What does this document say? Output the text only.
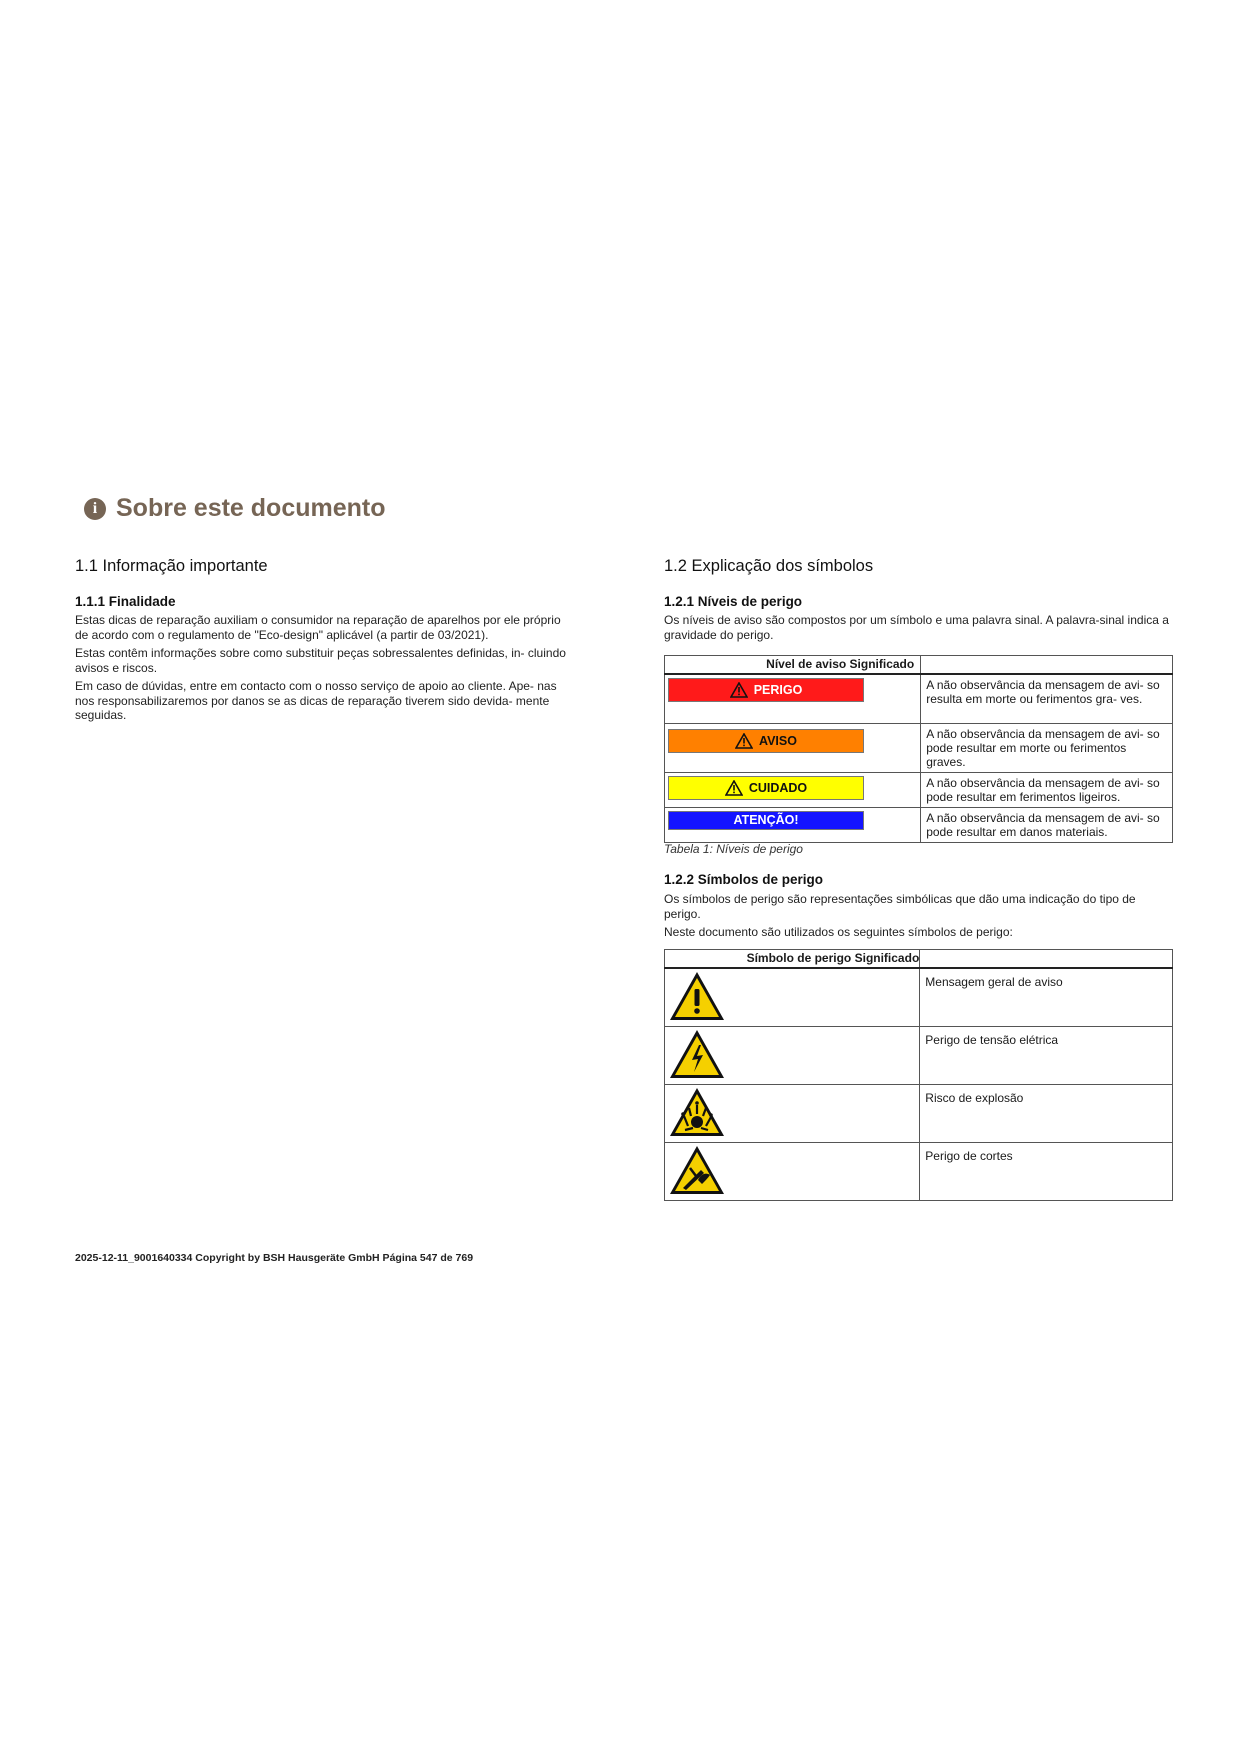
i Sobre este documento
1.1 Informação importante
1.1.1 Finalidade

Estas dicas de reparação auxiliam o consumidor na reparação de aparelhos por ele próprio de acordo com o regulamento de "Eco-design" aplicável (a partir de 03/2021).

Estas contêm informações sobre como substituir peças sobressalentes definidas, in- cluindo avisos e riscos.

Em caso de dúvidas, entre em contacto com o nosso serviço de apoio ao cliente. Ape- nas nos responsabilizaremos por danos se as dicas de reparação tiverem sido devida- mente seguidas.

1.2 Explicação dos símbolos
1.2.1 Níveis de perigo

Os níveis de aviso são compostos por um símbolo e uma palavra sinal. A palavra-sinal indica a gravidade do perigo.

Nível de aviso Significado	

PERIGO	A não observância da mensagem de avi- so resulta em morte ou ferimentos gra- ves.

AVISO	A não observância da mensagem de avi- so pode resultar em morte ou ferimentos graves.

CUIDADO	A não observância da mensagem de avi- so pode resultar em ferimentos ligeiros.

ATENÇÃO!	A não observância da mensagem de avi- so pode resultar em danos materiais.
Tabela 1: Níveis de perigo
1.2.2 Símbolos de perigo

Os símbolos de perigo são representações simbólicas que dão uma indicação do tipo de perigo.

Neste documento são utilizados os seguintes símbolos de perigo:

Símbolo de perigo Significado	
	Mensagem geral de aviso
	Perigo de tensão elétrica
	Risco de explosão
	Perigo de cortes
2025-12-11_9001640334 Copyright by BSH Hausgeräte GmbH Página 547 de 769
